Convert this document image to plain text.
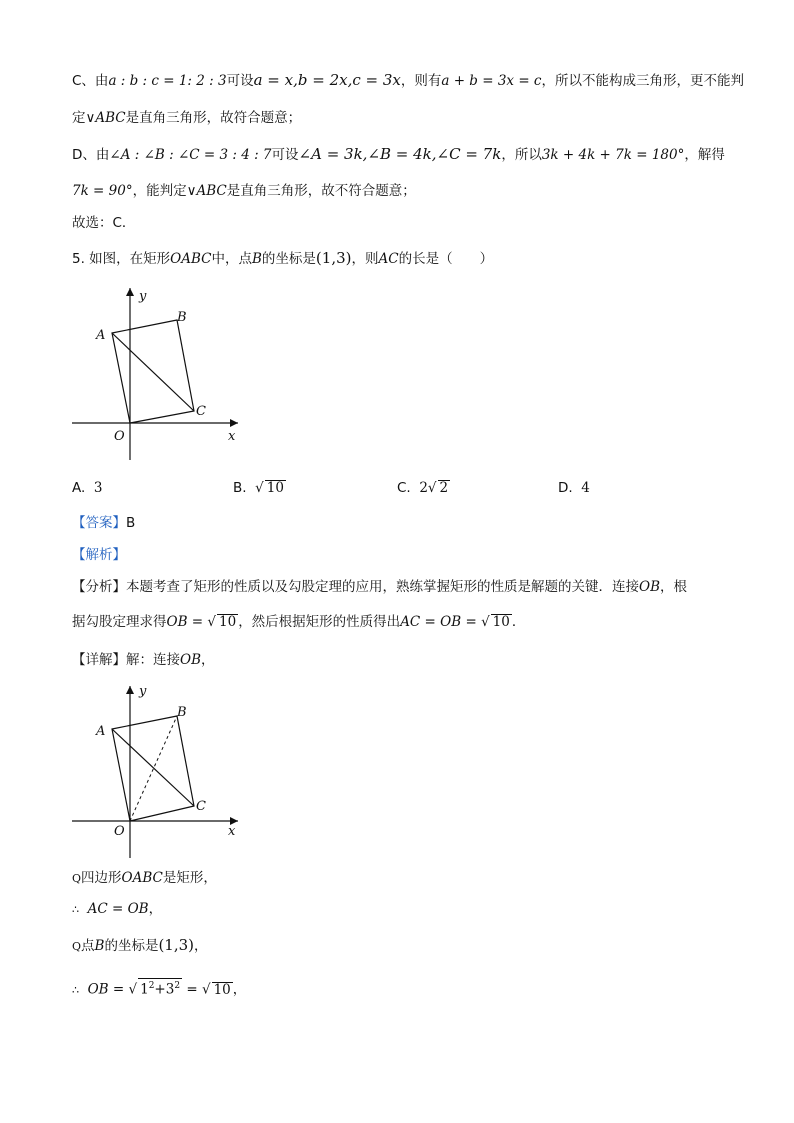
C、由a : b : c = 1: 2 : 3可设a = x,b = 2x,c = 3x，则有a + b = 3x = c，所以不能构成三角形，更不能判
定∨ABC是直角三角形，故符合题意；
D、由∠A : ∠B : ∠C = 3 : 4 : 7可设∠A = 3k,∠B = 4k,∠C = 7k，所以3k + 4k + 7k = 180°，解得
7k = 90°，能判定∨ABC是直角三角形，故不符合题意；
故选：C．
5. 如图，在矩形OABC中，点B的坐标是(1,3)，则AC的长是（　　）
y
x
A
B
C
O
A. 3	B. √ 10	C. 2√ 2	D. 4
【答案】B
【解析】
【分析】本题考查了矩形的性质以及勾股定理的应用，熟练掌握矩形的性质是解题的关键．连接OB，根
据勾股定理求得OB = √ 10 ，然后根据矩形的性质得出AC = OB = √ 10 ．
【详解】解：连接OB，
y
x
A
B
C
O
Q四边形OABC是矩形，
∴ AC = OB，
Q点B的坐标是(1,3)，
∴ OB = √ $1^2+3^2$ = √ 10 ，
